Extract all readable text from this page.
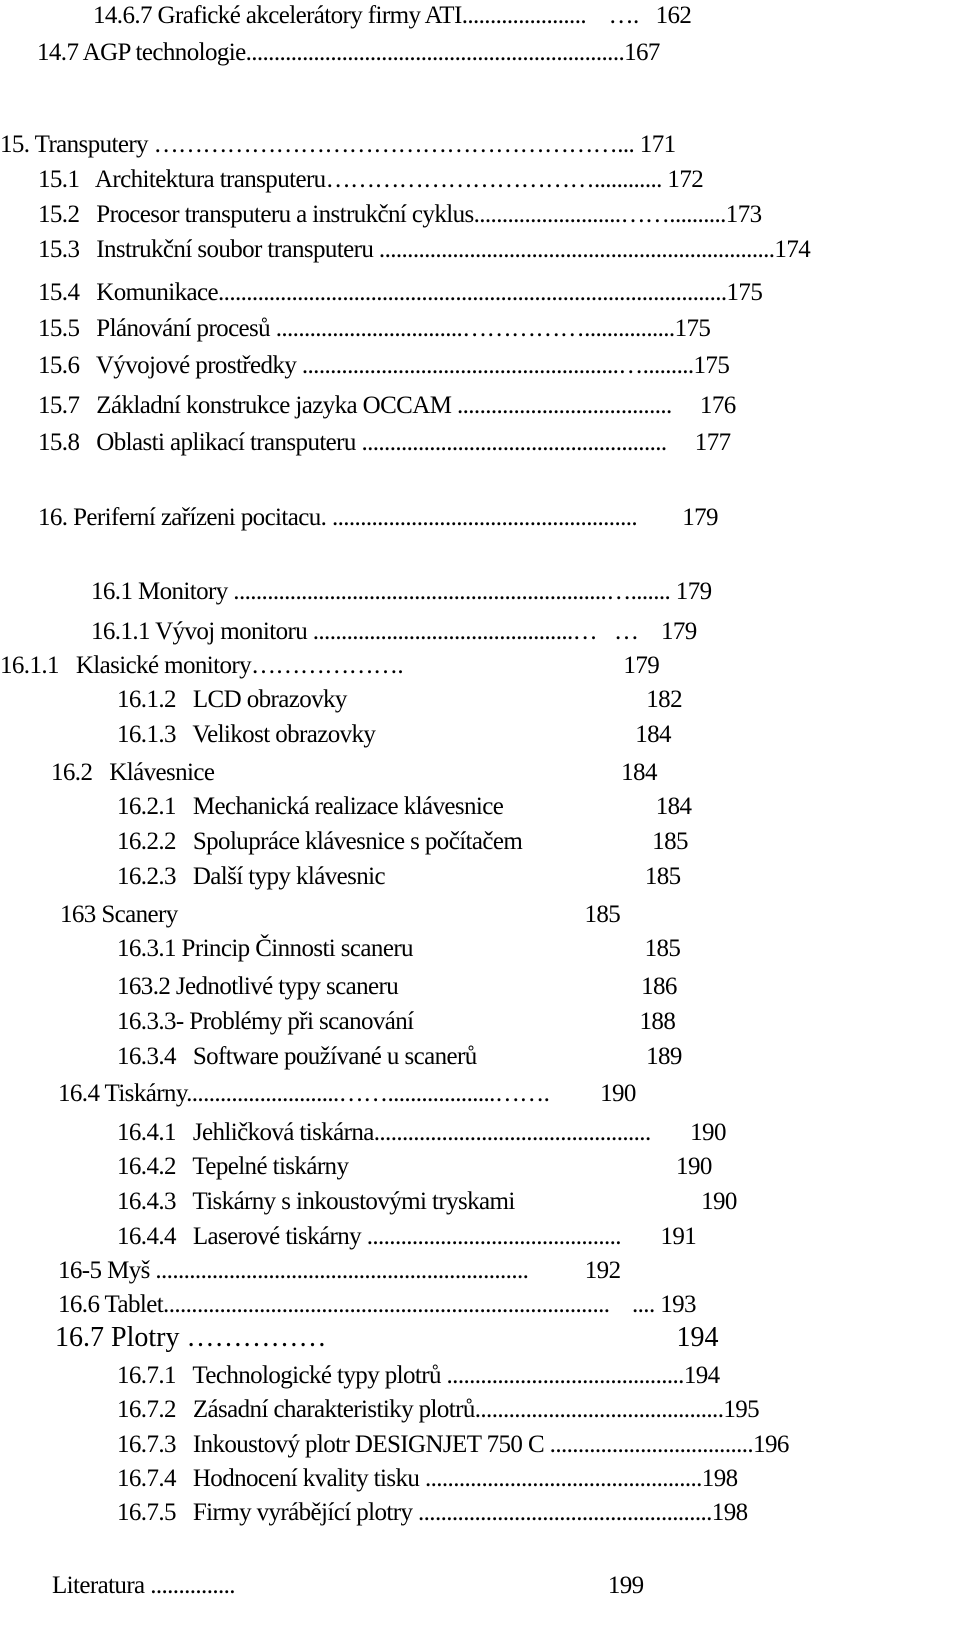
14.6.7 Grafické akcelerátory firmy ATI......................    ….   162
14.7 AGP technologie...................................................................167
15. Transputery …………………………………………………... 171
15.1   Architektura transputeru……………………………............ 172
15.2   Procesor transputeru a instrukční cyklus..........................……..........173
15.3   Instrukční soubor transputeru ......................................................................174
15.4   Komunikace..........................................................................................175
15.5   Plánování procesů .................................……………................175
15.6   Vývojové prostředky ........................................................….........175
15.7   Základní konstrukce jazyka OCCAM ......................................     176
15.8   Oblasti aplikací transputeru ......................................................     177
16. Periferní zařízeni pocitacu. ......................................................        179
16.1 Monitory ..................................................................…....... 179
16.1.1 Vývoj monitoru ..............................................…   …    179
16.1.1   Klasické monitory……………….                                       179
16.1.2   LCD obrazovky                                                     182
16.1.3   Velikost obrazovky                                              184
16.2   Klávesnice                                                                        184
16.2.1   Mechanická realizace klávesnice                           184
16.2.2   Spolupráce klávesnice s počítačem                       185
16.2.3   Další typy klávesnic                                              185
163 Scanery                                                                        185
16.3.1 Princip Činnosti scaneru                                         185
163.2 Jednotlivé typy scaneru                                           186
16.3.3- Problémy při scanování                                        188
16.3.4   Software používané u scanerů                              189
16.4 Tiskárny...........................……...................…….         190
16.4.1   Jehličková tiskárna.................................................       190
16.4.2   Tepelné tiskárny                                                          190
16.4.3   Tiskárny s inkoustovými tryskami                                 190
16.4.4   Laserové tiskárny .............................................       191
16-5 Myš ..................................................................          192
16.6 Tablet...............................................................................    .... 193
16.7 Plotry ……………                                                  194
16.7.1   Technologické typy plotrů ..........................................194
16.7.2   Zásadní charakteristiky plotrů............................................195
16.7.3   Inkoustový plotr DESIGNJET 750 C ....................................196
16.7.4   Hodnocení kvality tisku .................................................198
16.7.5   Firmy vyrábějící plotry ....................................................198
Literatura ...............                                                                  199
